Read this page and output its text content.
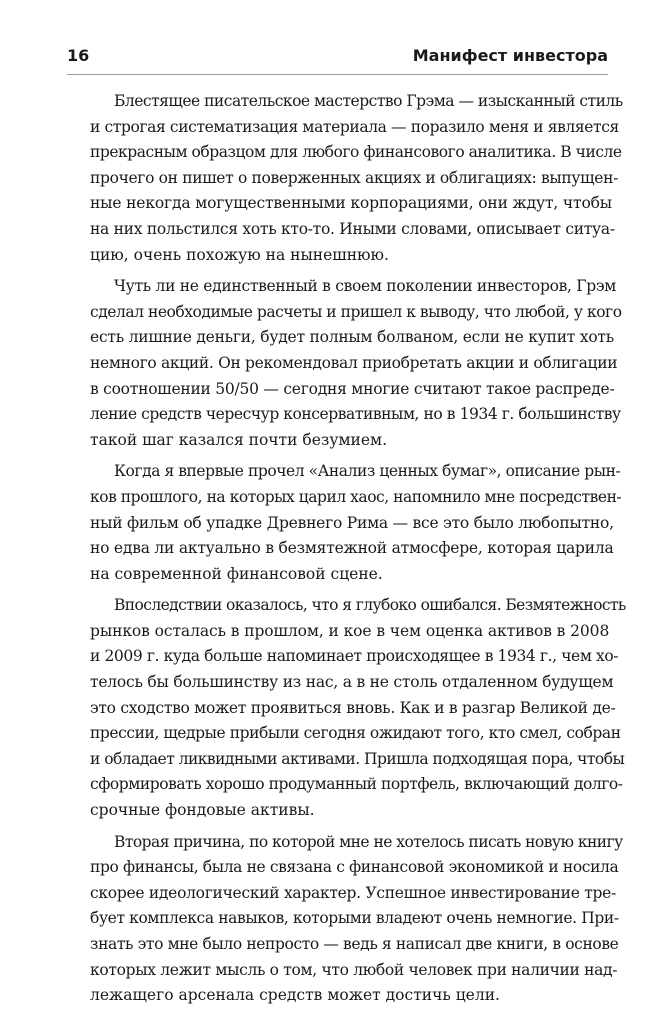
16	Манифест инвестора

Блестящее писательское мастерство Грэма — изысканный стиль
и строгая систематизация материала — поразило меня и является
прекрасным образцом для любого финансового аналитика. В числе
прочего он пишет о поверженных акциях и облигациях: выпущен-
ные некогда могущественными корпорациями, они ждут, чтобы
на них польстился хоть кто-то. Иными словами, описывает ситуа-
цию, очень похожую на нынешнюю.

Чуть ли не единственный в своем поколении инвесторов, Грэм
сделал необходимые расчеты и пришел к выводу, что любой, у кого
есть лишние деньги, будет полным болваном, если не купит хоть
немного акций. Он рекомендовал приобретать акции и облигации
в соотношении 50/50 — сегодня многие считают такое распреде-
ление средств чересчур консервативным, но в 1934 г. большинству
такой шаг казался почти безумием.

Когда я впервые прочел «Анализ ценных бумаг», описание рын-
ков прошлого, на которых царил хаос, напомнило мне посредствен-
ный фильм об упадке Древнего Рима — все это было любопытно,
но едва ли актуально в безмятежной атмосфере, которая царила
на современной финансовой сцене.

Впоследствии оказалось, что я глубоко ошибался. Безмятежность
рынков осталась в прошлом, и кое в чем оценка активов в 2008
и 2009 г. куда больше напоминает происходящее в 1934 г., чем хо-
телось бы большинству из нас, а в не столь отдаленном будущем
это сходство может проявиться вновь. Как и в разгар Великой де-
прессии, щедрые прибыли сегодня ожидают того, кто смел, собран
и обладает ликвидными активами. Пришла подходящая пора, чтобы
сформировать хорошо продуманный портфель, включающий долго-
срочные фондовые активы.

Вторая причина, по которой мне не хотелось писать новую книгу
про финансы, была не связана с финансовой экономикой и носила
скорее идеологический характер. Успешное инвестирование тре-
бует комплекса навыков, которыми владеют очень немногие. При-
знать это мне было непросто — ведь я написал две книги, в основе
которых лежит мысль о том, что любой человек при наличии над-
лежащего арсенала средств может достичь цели.
